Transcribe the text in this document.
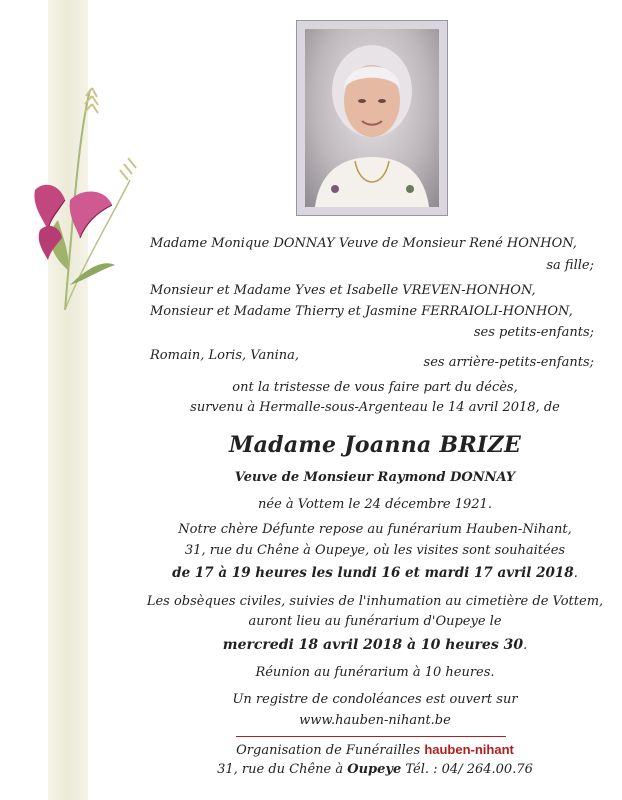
Madame Monique DONNAY Veuve de Monsieur René HONHON,
sa fille;
Monsieur et Madame Yves et Isabelle VREVEN-HONHON,
Monsieur et Madame Thierry et Jasmine FERRAIOLI-HONHON,
ses petits-enfants;
Romain, Loris, Vanina,	ses arrière-petits-enfants;
ont la tristesse de vous faire part du décès,
survenu à Hermalle-sous-Argenteau le 14 avril 2018, de
Madame Joanna BRIZE
Veuve de Monsieur Raymond DONNAY
née à Vottem le 24 décembre 1921.
Notre chère Défunte repose au funérarium Hauben-Nihant,
31, rue du Chêne à Oupeye, où les visites sont souhaitées
de 17 à 19 heures les lundi 16 et mardi 17 avril 2018.
Les obsèques civiles, suivies de l'inhumation au cimetière de Vottem,
auront lieu au funérarium d'Oupeye le
mercredi 18 avril 2018 à 10 heures 30.
Réunion au funérarium à 10 heures.
Un registre de condoléances est ouvert sur
www.hauben-nihant.be
Organisation de Funérailles hauben-nihant
31, rue du Chêne à Oupeye Tél. : 04/ 264.00.76
